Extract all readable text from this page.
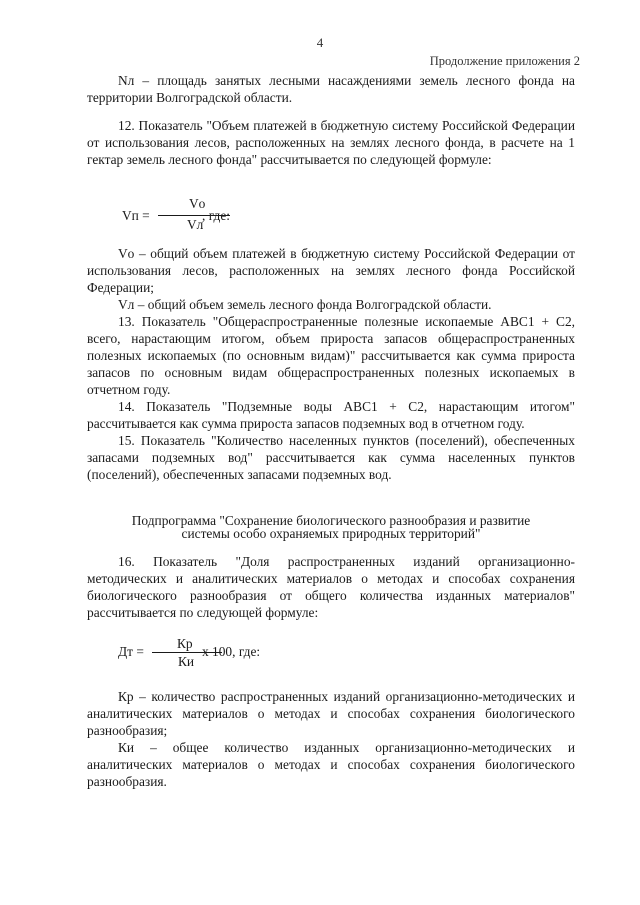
4
Продолжение приложения 2

Nл – площадь занятых лесными насаждениями земель лесного фонда на территории Волгоградской области.

12. Показатель "Объем платежей в бюджетную систему Российской Федерации от использования лесов, расположенных на землях лесного фонда, в расчете на 1 гектар земель лесного фонда" рассчитывается по следующей формуле:

Vп =
Vо
Vл
, где:

Vо – общий объем платежей в бюджетную систему Российской Федерации от использования лесов, расположенных на землях лесного фонда Российской Федерации;

Vл – общий объем земель лесного фонда Волгоградской области.

13. Показатель "Общераспространенные полезные ископаемые АВС1 + С2, всего, нарастающим итогом, объем прироста запасов общераспространенных полезных ископаемых (по основным видам)" рассчитывается как сумма прироста запасов по основным видам общераспространенных полезных ископаемых в отчетном году.

14. Показатель "Подземные воды АВС1 + С2, нарастающим итогом" рассчитывается как сумма прироста запасов подземных вод в отчетном году.

15. Показатель "Количество населенных пунктов (поселений), обеспеченных запасами подземных вод" рассчитывается как сумма населенных пунктов (поселений), обеспеченных запасами подземных вод.

Подпрограмма "Сохранение биологического разнообразия и развитие
системы особо охраняемых природных территорий"

16. Показатель "Доля распространенных изданий организационно-методических и аналитических материалов о методах и способах сохранения биологического разнообразия от общего количества изданных материалов" рассчитывается по следующей формуле:

Дт =
Кр
Ки
х 100, где:

Кр – количество распространенных изданий организационно-методических и аналитических материалов о методах и способах сохранения биологического разнообразия;

Ки – общее количество изданных организационно-методических и аналитических материалов о методах и способах сохранения биологического разнообразия.
